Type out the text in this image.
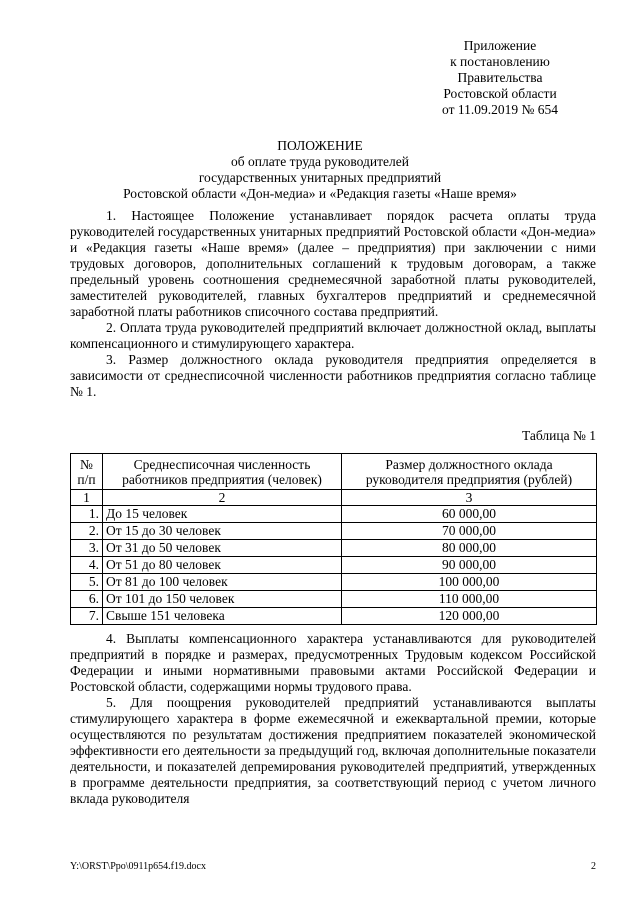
Приложение
к постановлению
Правительства
Ростовской области
от 11.09.2019 № 654
ПОЛОЖЕНИЕ
об оплате труда руководителей
государственных унитарных предприятий
Ростовской области «Дон-медиа» и «Редакция газеты «Наше время»

1. Настоящее Положение устанавливает порядок расчета оплаты труда руководителей государственных унитарных предприятий Ростовской области «Дон-медиа» и «Редакция газеты «Наше время» (далее – предприятия) при заключении с ними трудовых договоров, дополнительных соглашений к трудовым договорам, а также предельный уровень соотношения среднемесячной заработной платы руководителей, заместителей руководителей, главных бухгалтеров предприятий и среднемесячной заработной платы работников списочного состава предприятий.

2. Оплата труда руководителей предприятий включает должностной оклад, выплаты компенсационного и стимулирующего характера.

3. Размер должностного оклада руководителя предприятия определяется в зависимости от среднесписочной численности работников предприятия согласно таблице № 1.

Таблица № 1
№ п/п	Среднесписочная численность работников предприятия (человек)	Размер должностного оклада руководителя предприятия (рублей)
1	2	3
1.	До 15 человек	60 000,00
2.	От 15 до 30 человек	70 000,00
3.	От 31 до 50 человек	80 000,00
4.	От 51 до 80 человек	90 000,00
5.	От 81 до 100 человек	100 000,00
6.	От 101 до 150 человек	110 000,00
7.	Свыше 151 человека	120 000,00

4. Выплаты компенсационного характера устанавливаются для руководителей предприятий в порядке и размерах, предусмотренных Трудовым кодексом Российской Федерации и иными нормативными правовыми актами Российской Федерации и Ростовской области, содержащими нормы трудового права.

5. Для поощрения руководителей предприятий устанавливаются выплаты стимулирующего характера в форме ежемесячной и ежеквартальной премии, которые осуществляются по результатам достижения предприятием показателей экономической эффективности его деятельности за предыдущий год, включая дополнительные показатели деятельности, и показателей депремирования руководителей предприятий, утвержденных в программе деятельности предприятия, за соответствующий период с учетом личного вклада руководителя

Y:\ORST\Ppo\0911p654.f19.docx	2
